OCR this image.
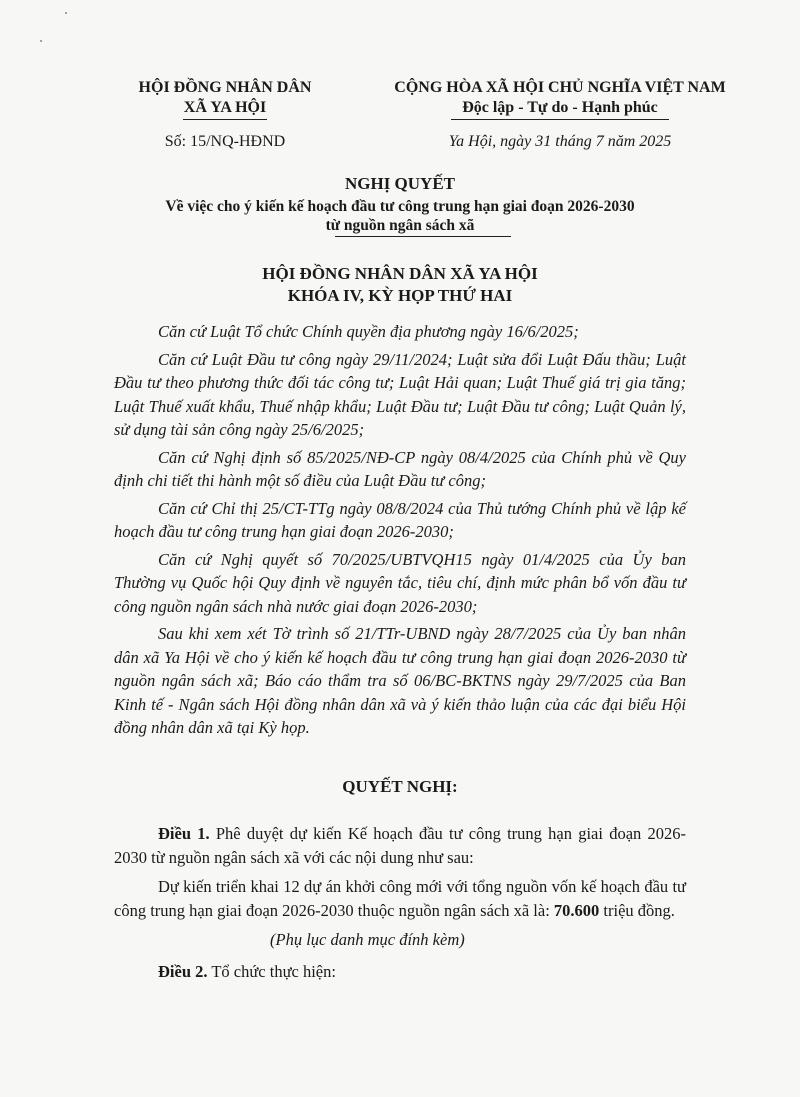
HỘI ĐỒNG NHÂN DÂN
XÃ YA HỘI
Số: 15/NQ-HĐND
CỘNG HÒA XÃ HỘI CHỦ NGHĨA VIỆT NAM
Độc lập - Tự do - Hạnh phúc
Ya Hội, ngày 31 tháng 7 năm 2025
NGHỊ QUYẾT
Về việc cho ý kiến kế hoạch đầu tư công trung hạn giai đoạn 2026-2030
từ nguồn ngân sách xã
HỘI ĐỒNG NHÂN DÂN XÃ YA HỘI
KHÓA IV, KỲ HỌP THỨ HAI

Căn cứ Luật Tổ chức Chính quyền địa phương ngày 16/6/2025;

Căn cứ Luật Đầu tư công ngày 29/11/2024; Luật sửa đổi Luật Đấu thầu; Luật Đầu tư theo phương thức đối tác công tư; Luật Hải quan; Luật Thuế giá trị gia tăng; Luật Thuế xuất khẩu, Thuế nhập khẩu; Luật Đầu tư; Luật Đầu tư công; Luật Quản lý, sử dụng tài sản công ngày 25/6/2025;

Căn cứ Nghị định số 85/2025/NĐ-CP ngày 08/4/2025 của Chính phủ về Quy định chi tiết thi hành một số điều của Luật Đầu tư công;

Căn cứ Chỉ thị 25/CT-TTg ngày 08/8/2024 của Thủ tướng Chính phủ về lập kế hoạch đầu tư công trung hạn giai đoạn 2026-2030;

Căn cứ Nghị quyết số 70/2025/UBTVQH15 ngày 01/4/2025 của Ủy ban Thường vụ Quốc hội Quy định về nguyên tắc, tiêu chí, định mức phân bổ vốn đầu tư công nguồn ngân sách nhà nước giai đoạn 2026-2030;

Sau khi xem xét Tờ trình số 21/TTr-UBND ngày 28/7/2025 của Ủy ban nhân dân xã Ya Hội về cho ý kiến kế hoạch đầu tư công trung hạn giai đoạn 2026-2030 từ nguồn ngân sách xã; Báo cáo thẩm tra số 06/BC-BKTNS ngày 29/7/2025 của Ban Kinh tế - Ngân sách Hội đồng nhân dân xã và ý kiến thảo luận của các đại biểu Hội đồng nhân dân xã tại Kỳ họp.

QUYẾT NGHỊ:

Điều 1. Phê duyệt dự kiến Kế hoạch đầu tư công trung hạn giai đoạn 2026-2030 từ nguồn ngân sách xã với các nội dung như sau:

Dự kiến triển khai 12 dự án khởi công mới với tổng nguồn vốn kế hoạch đầu tư công trung hạn giai đoạn 2026-2030 thuộc nguồn ngân sách xã là: 70.600 triệu đồng.

(Phụ lục danh mục đính kèm)

Điều 2. Tổ chức thực hiện:
